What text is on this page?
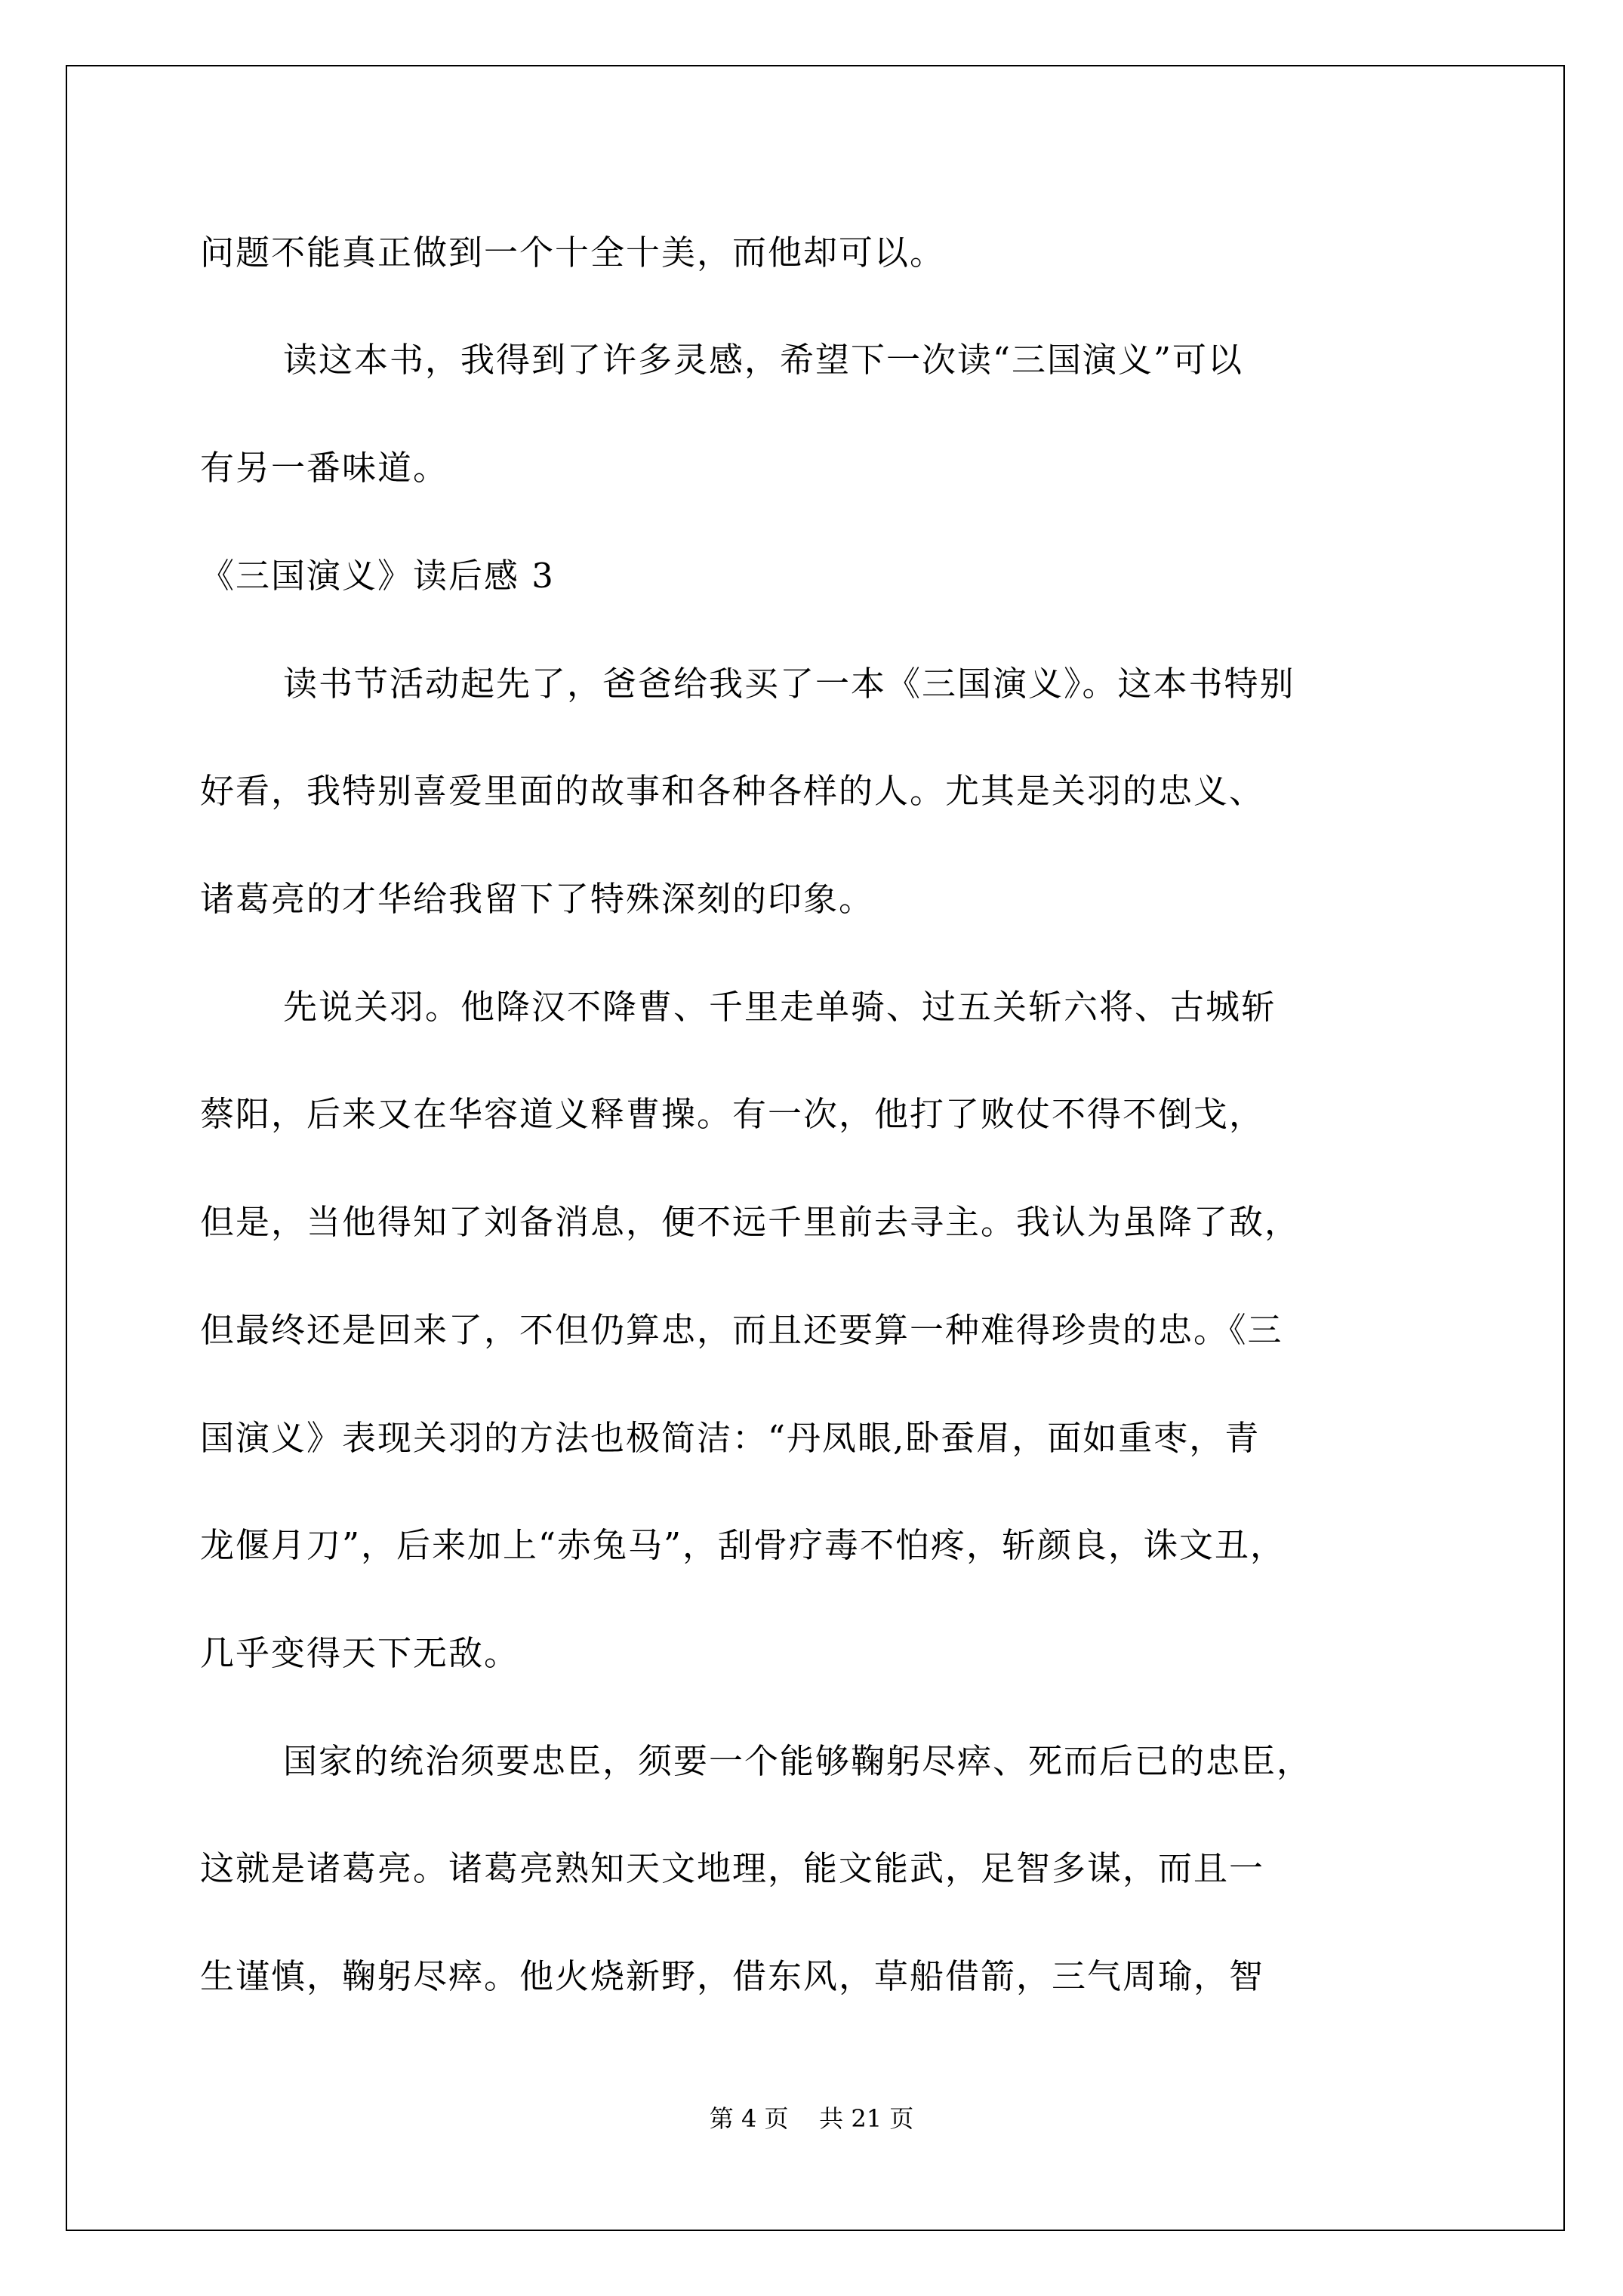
问题不能真正做到一个十全十美，而他却可以。
读这本书，我得到了许多灵感，希望下一次读“三国演义”可以
有另一番味道。
《三国演义》读后感 3
读书节活动起先了，爸爸给我买了一本《三国演义》。这本书特别
好看，我特别喜爱里面的故事和各种各样的人。尤其是关羽的忠义、
诸葛亮的才华给我留下了特殊深刻的印象。
先说关羽。他降汉不降曹、千里走单骑、过五关斩六将、古城斩
蔡阳，后来又在华容道义释曹操。有一次，他打了败仗不得不倒戈，
但是，当他得知了刘备消息，便不远千里前去寻主。我认为虽降了敌，
但最终还是回来了，不但仍算忠，而且还要算一种难得珍贵的忠。《三
国演义》表现关羽的方法也极简洁：“丹凤眼,卧蚕眉，面如重枣，青
龙偃月刀”，后来加上“赤兔马”，刮骨疗毒不怕疼，斩颜良，诛文丑，
几乎变得天下无敌。
国家的统治须要忠臣，须要一个能够鞠躬尽瘁、死而后已的忠臣，
这就是诸葛亮。诸葛亮熟知天文地理，能文能武，足智多谋，而且一
生谨慎，鞠躬尽瘁。他火烧新野，借东风，草船借箭，三气周瑜，智
第 4 页    共 21 页
